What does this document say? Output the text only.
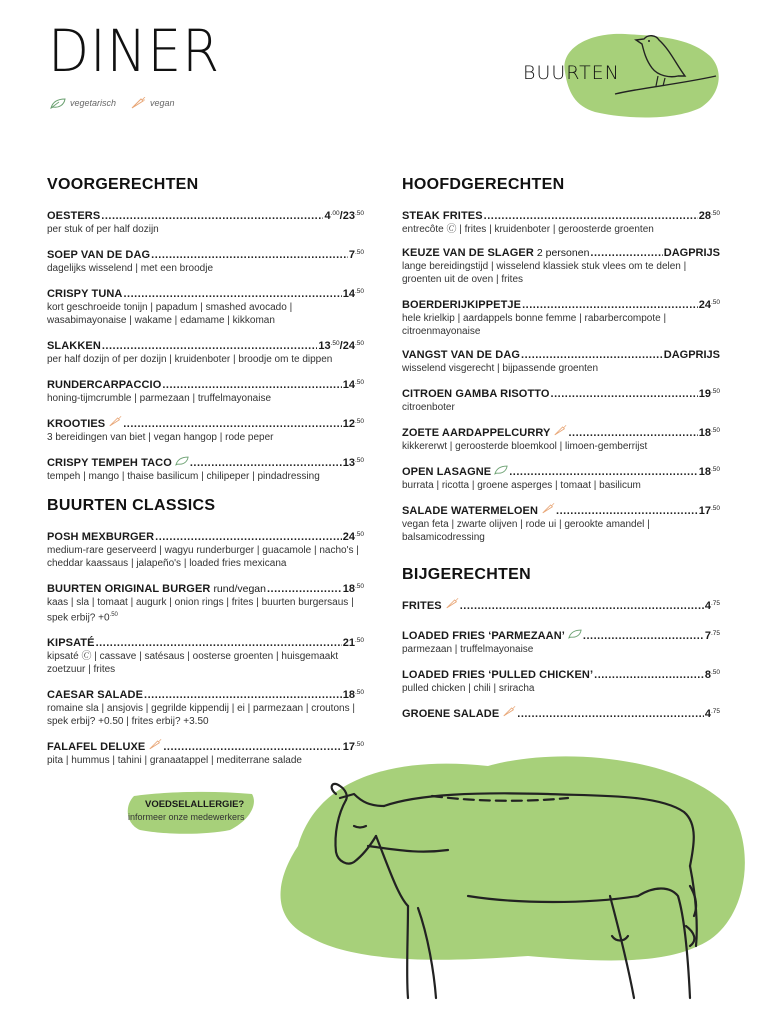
DINER
vegetarisch	vegan
BUURTEN
VOORGERECHTEN
OESTERS .....	$4^{.00}/23^{.50}$
per stuk of per half dozijn
SOEP VAN DE DAG .....	$7^{.50}$
dagelijks wisselend | met een broodje
CRISPY TUNA .....	$14^{.50}$
kort geschroeide tonijn | papadum | smashed avocado | wasabimayonaise | wakame | edamame | kikkoman
SLAKKEN .....	$13^{.50}/24^{.50}$
per half dozijn of per dozijn | kruidenboter | broodje om te dippen
RUNDERCARPACCIO .....	$14^{.50}$
honing-tijmcrumble | parmezaan | truffelmayonaise
KROOTIES .....	$12^{.50}$
3 bereidingen van biet | vegan hangop | rode peper
CRISPY TEMPEH TACO .....	$13^{.50}$
tempeh | mango | thaise basilicum | chilipeper | pindadressing
BUURTEN CLASSICS
POSH MEXBURGER .....	$24^{.50}$
medium-rare geserveerd | wagyu runderburger | guacamole | nacho's | cheddar kaassaus | jalapeño's | loaded fries mexicana
BUURTEN ORIGINAL BURGER rund/vegan .....	$18^{.50}$
kaas | sla | tomaat | augurk | onion rings | frites | buurten burgersaus | spek erbij? $+0^{.50}$
KIPSATÉ .....	$21^{.50}$
kipsaté 🄫 | cassave | satésaus | oosterse groenten | huisgemaakt zoetzuur | frites
CAESAR SALADE .....	$18^{.50}$
romaine sla | ansjovis | gegrilde kippendij | ei | parmezaan | croutons | spek erbij? +0.50 | frites erbij? +3.50
FALAFEL DELUXE .....	$17^{.50}$
pita | hummus | tahini | granaatappel | mediterrane salade
HOOFDGERECHTEN
STEAK FRITES .....	$28^{.50}$
entrecôte 🄫 | frites | kruidenboter | geroosterde groenten
KEUZE VAN DE SLAGER 2 personen .....	DAGPRIJS
lange bereidingstijd | wisselend klassiek stuk vlees om te delen | groenten uit de oven | frites
BOERDERIJKIPPETJE .....	$24^{.50}$
hele krielkip | aardappels bonne femme | rabarbercompote | citroenmayonaise
VANGST VAN DE DAG .....	DAGPRIJS
wisselend visgerecht | bijpassende groenten
CITROEN GAMBA RISOTTO .....	$19^{.50}$
citroenboter
ZOETE AARDAPPELCURRY .....	$18^{.50}$
kikkererwt | geroosterde bloemkool | limoen-gemberrijst
OPEN LASAGNE .....	$18^{.50}$
burrata | ricotta | groene asperges | tomaat | basilicum
SALADE WATERMELOEN .....	$17^{.50}$
vegan feta | zwarte olijven | rode ui | gerookte amandel | balsamicodressing
BIJGERECHTEN
FRITES .....	$4^{.75}$
LOADED FRIES ‘PARMEZAAN’ .....	$7^{.75}$
parmezaan | truffelmayonaise
LOADED FRIES ‘PULLED CHICKEN’ .....	$8^{.50}$
pulled chicken | chili | sriracha
GROENE SALADE .....	$4^{.75}$
VOEDSELALLERGIE?
informeer onze medewerkers
